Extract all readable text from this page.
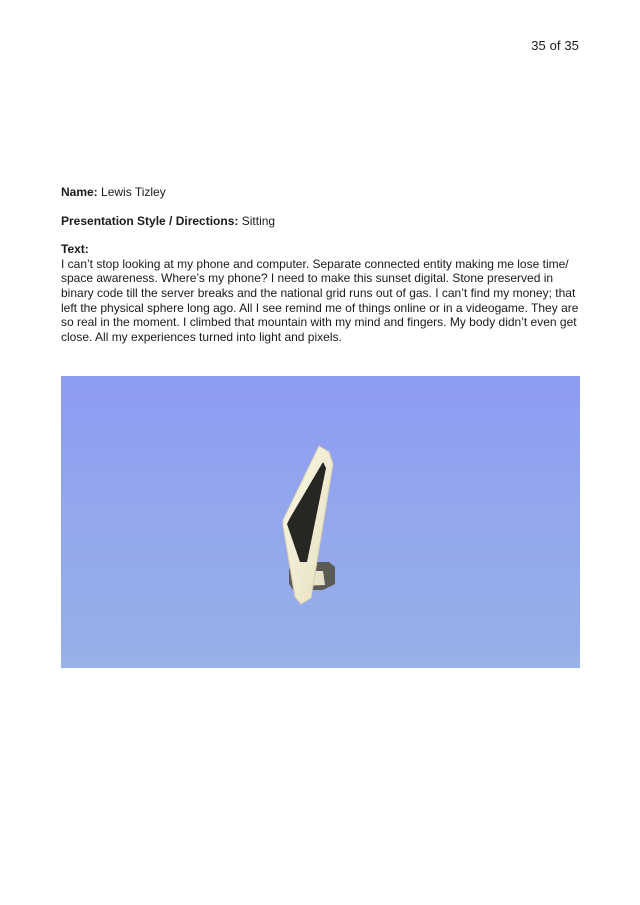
35 of 35

Name: Lewis Tizley

Presentation Style / Directions: Sitting

Text:
I can’t stop looking at my phone and computer. Separate connected entity making me lose time/ space awareness. Where’s my phone? I need to make this sunset digital. Stone preserved in binary code till the server breaks and the national grid runs out of gas. I can’t find my money; that left the physical sphere long ago. All I see remind me of things online or in a videogame. They are so real in the moment. I climbed that mountain with my mind and fingers. My body didn’t even get close. All my experiences turned into light and pixels.
